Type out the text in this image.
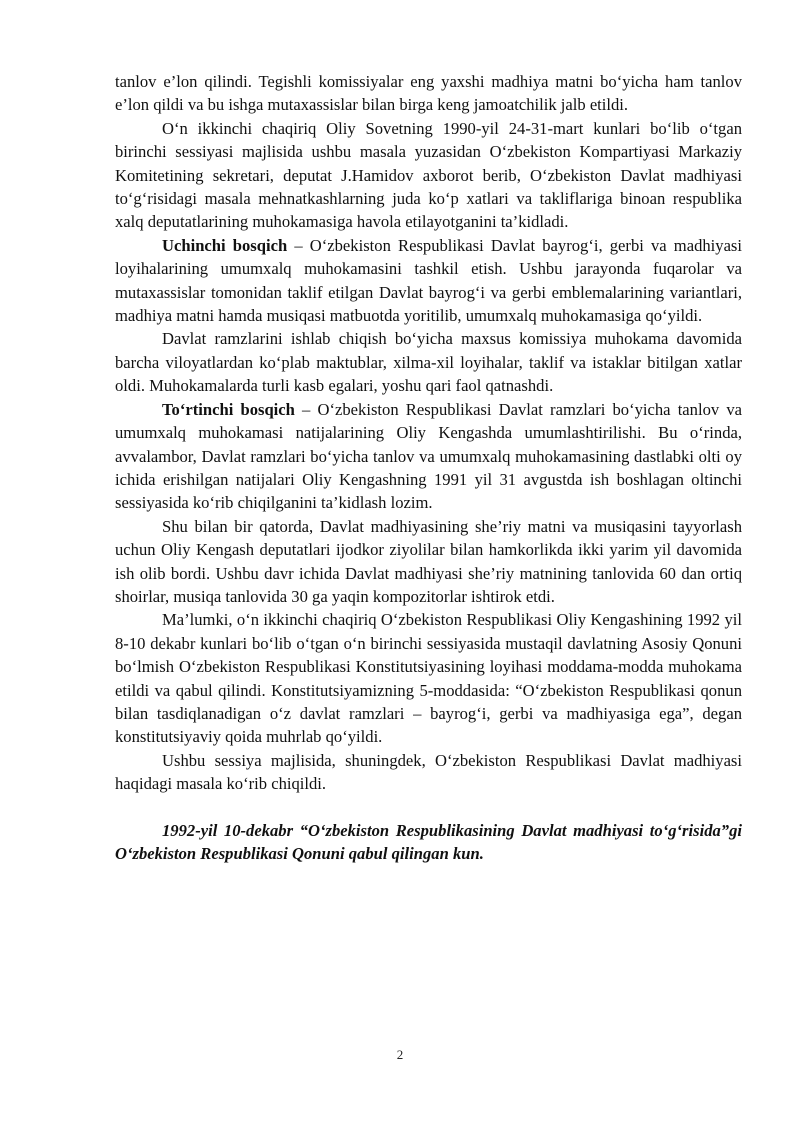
tanlov e’lon qilindi. Tegishli komissiyalar eng yaxshi madhiya matni bo‘yicha ham tanlov e’lon qildi va bu ishga mutaxassislar bilan birga keng jamoatchilik jalb etildi.

O‘n ikkinchi chaqiriq Oliy Sovetning 1990-yil 24-31-mart kunlari bo‘lib o‘tgan birinchi sessiyasi majlisida ushbu masala yuzasidan O‘zbekiston Kompartiyasi Markaziy Komitetining sekretari, deputat J.Hamidov axborot berib, O‘zbekiston Davlat madhiyasi to‘g‘risidagi masala mehnatkashlarning juda ko‘p xatlari va takliflariga binoan respublika xalq deputatlarining muhokamasiga havola etilayotganini ta’kidladi.

Uchinchi bosqich – O‘zbekiston Respublikasi Davlat bayrog‘i, gerbi va madhiyasi loyihalarining umumxalq muhokamasini tashkil etish. Ushbu jarayonda fuqarolar va mutaxassislar tomonidan taklif etilgan Davlat bayrog‘i va gerbi emblemalarining variantlari, madhiya matni hamda musiqasi matbuotda yoritilib, umumxalq muhokamasiga qo‘yildi.

Davlat ramzlarini ishlab chiqish bo‘yicha maxsus komissiya muhokama davomida barcha viloyatlardan ko‘plab maktublar, xilma-xil loyihalar, taklif va istaklar bitilgan xatlar oldi. Muhokamalarda turli kasb egalari, yoshu qari faol qatnashdi.

To‘rtinchi bosqich – O‘zbekiston Respublikasi Davlat ramzlari bo‘yicha tanlov va umumxalq muhokamasi natijalarining Oliy Kengashda umumlashtirilishi. Bu o‘rinda, avvalambor, Davlat ramzlari bo‘yicha tanlov va umumxalq muhokamasining dastlabki olti oy ichida erishilgan natijalari Oliy Kengashning 1991 yil 31 avgustda ish boshlagan oltinchi sessiyasida ko‘rib chiqilganini ta’kidlash lozim.

Shu bilan bir qatorda, Davlat madhiyasining she’riy matni va musiqasini tayyorlash uchun Oliy Kengash deputatlari ijodkor ziyolilar bilan hamkorlikda ikki yarim yil davomida ish olib bordi. Ushbu davr ichida Davlat madhiyasi she’riy matnining tanlovida 60 dan ortiq shoirlar, musiqa tanlovida 30 ga yaqin kompozitorlar ishtirok etdi.

Ma’lumki, o‘n ikkinchi chaqiriq O‘zbekiston Respublikasi Oliy Kengashining 1992 yil 8-10 dekabr kunlari bo‘lib o‘tgan o‘n birinchi sessiyasida mustaqil davlatning Asosiy Qonuni bo‘lmish O‘zbekiston Respublikasi Konstitutsiyasining loyihasi moddama-modda muhokama etildi va qabul qilindi. Konstitutsiyamizning 5-moddasida: “O‘zbekiston Respublikasi qonun bilan tasdiqlanadigan o‘z davlat ramzlari – bayrog‘i, gerbi va madhiyasiga ega”, degan konstitutsiyaviy qoida muhrlab qo‘yildi.

Ushbu sessiya majlisida, shuningdek, O‘zbekiston Respublikasi Davlat madhiyasi haqidagi masala ko‘rib chiqildi.

1992-yil 10-dekabr “O‘zbekiston Respublikasining Davlat madhiyasi to‘g‘risida”gi O‘zbekiston Respublikasi Qonuni qabul qilingan kun.

2
